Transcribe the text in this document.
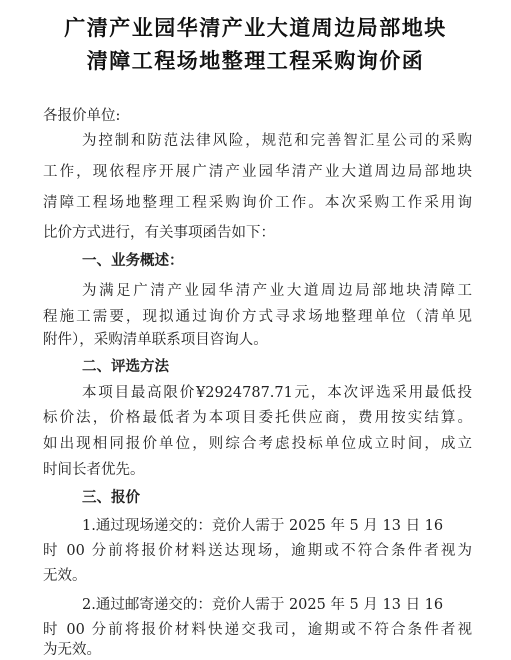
广清产业园华清产业大道周边局部地块
清障工程场地整理工程采购询价函
各报价单位:
为控制和防范法律风险，规范和完善智汇星公司的采购
工作，现依程序开展广清产业园华清产业大道周边局部地块
清障工程场地整理工程采购询价工作。本次采购工作采用询
比价方式进行，有关事项函告如下：
一、业务概述：
为满足广清产业园华清产业大道周边局部地块清障工
程施工需要，现拟通过询价方式寻求场地整理单位（清单见
附件），采购清单联系项目咨询人。
二、评选方法
本项目最高限价¥2924787.71元，本次评选采用最低投
标价法，价格最低者为本项目委托供应商，费用按实结算。
如出现相同报价单位，则综合考虑投标单位成立时间，成立
时间长者优先。
三、报价
1.通过现场递交的：竞价人需于 2025 年 5 月 13 日 16
时 00 分前将报价材料送达现场，逾期或不符合条件者视为
无效。
2.通过邮寄递交的：竞价人需于 2025 年 5 月 13 日 16
时 00 分前将报价材料快递交我司，逾期或不符合条件者视
为无效。
